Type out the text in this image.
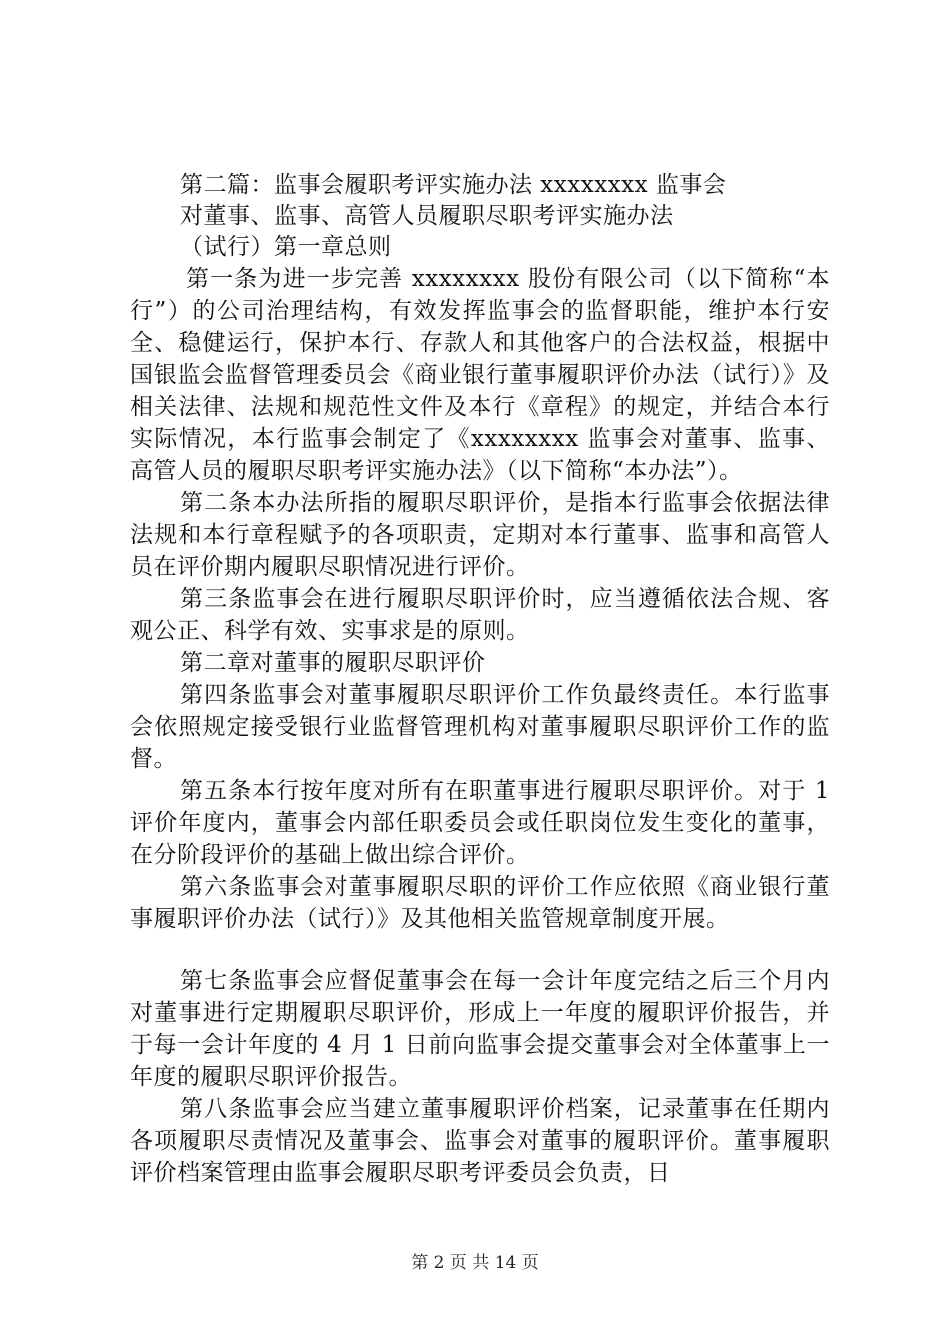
第二篇：监事会履职考评实施办法 xxxxxxxx 监事会
对董事、监事、高管人员履职尽职考评实施办法
（试行）第一章总则

第一条为进一步完善 xxxxxxxx 股份有限公司（以下简称“本行”）的公司治理结构，有效发挥监事会的监督职能，维护本行安全、稳健运行，保护本行、存款人和其他客户的合法权益，根据中国银监会监督管理委员会《商业银行董事履职评价办法（试行）》及相关法律、法规和规范性文件及本行《章程》的规定，并结合本行实际情况，本行监事会制定了《xxxxxxxx 监事会对董事、监事、高管人员的履职尽职考评实施办法》（以下简称“本办法”）。

第二条本办法所指的履职尽职评价，是指本行监事会依据法律法规和本行章程赋予的各项职责，定期对本行董事、监事和高管人员在评价期内履职尽职情况进行评价。

第三条监事会在进行履职尽职评价时，应当遵循依法合规、客观公正、科学有效、实事求是的原则。

第二章对董事的履职尽职评价

第四条监事会对董事履职尽职评价工作负最终责任。本行监事会依照规定接受银行业监督管理机构对董事履职尽职评价工作的监督。

第五条本行按年度对所有在职董事进行履职尽职评价。对于 1 评价年度内，董事会内部任职委员会或任职岗位发生变化的董事，在分阶段评价的基础上做出综合评价。

第六条监事会对董事履职尽职的评价工作应依照《商业银行董事履职评价办法（试行）》及其他相关监管规章制度开展。

第七条监事会应督促董事会在每一会计年度完结之后三个月内对董事进行定期履职尽职评价，形成上一年度的履职评价报告，并于每一会计年度的 4 月 1 日前向监事会提交董事会对全体董事上一年度的履职尽职评价报告。

第八条监事会应当建立董事履职评价档案，记录董事在任期内各项履职尽责情况及董事会、监事会对董事的履职评价。董事履职评价档案管理由监事会履职尽职考评委员会负责，日

第 2 页 共 14 页
